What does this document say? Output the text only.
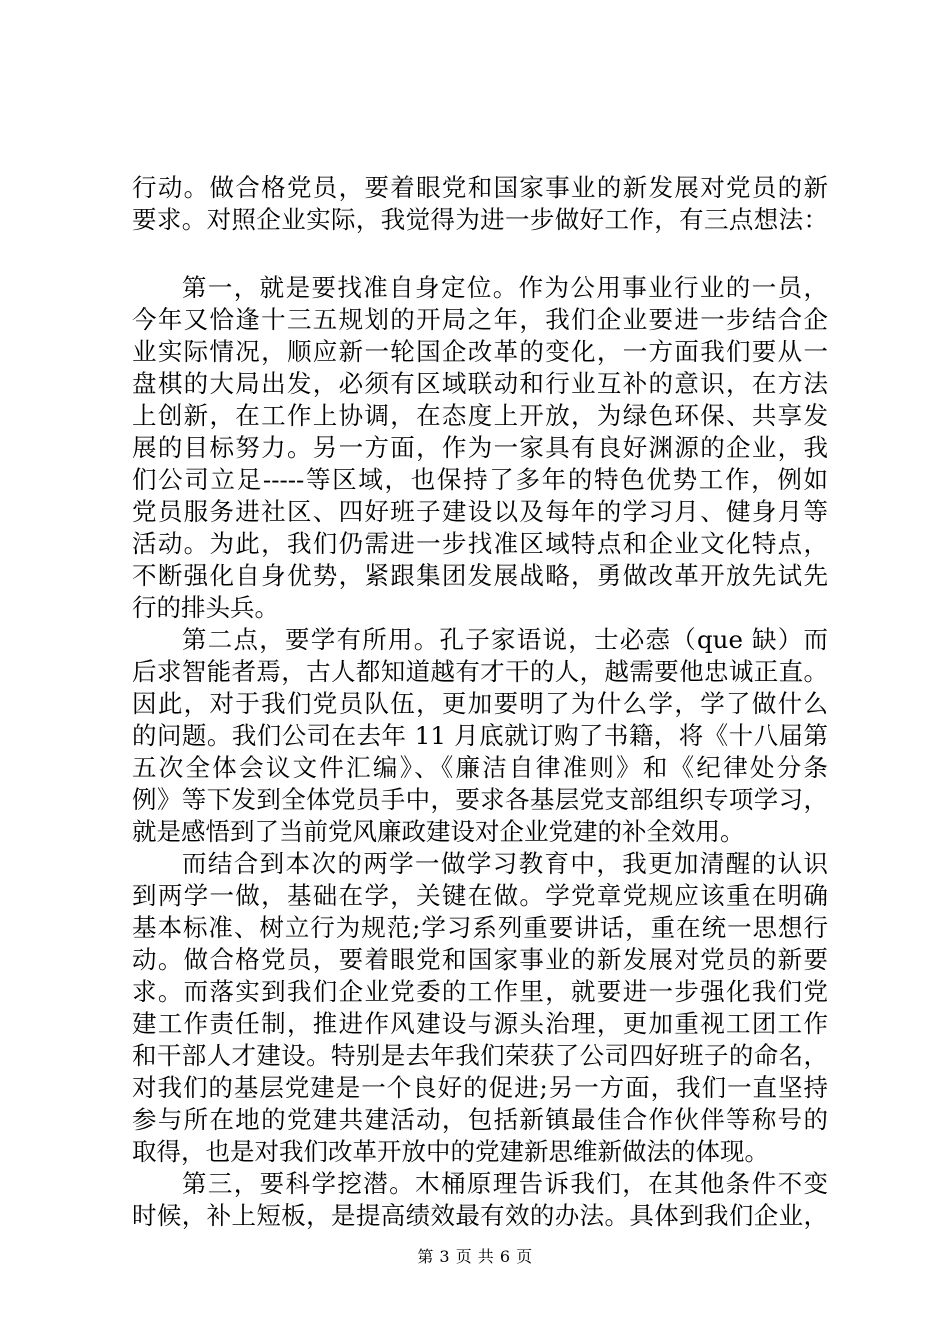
行动。做合格党员，要着眼党和国家事业的新发展对党员的新
要求。对照企业实际，我觉得为进一步做好工作，有三点想法：
第一，就是要找准自身定位。作为公用事业行业的一员，
今年又恰逢十三五规划的开局之年，我们企业要进一步结合企
业实际情况，顺应新一轮国企改革的变化，一方面我们要从一
盘棋的大局出发，必须有区域联动和行业互补的意识，在方法
上创新，在工作上协调，在态度上开放，为绿色环保、共享发
展的目标努力。另一方面，作为一家具有良好渊源的企业，我
们公司立足-----等区域，也保持了多年的特色优势工作，例如
党员服务进社区、四好班子建设以及每年的学习月、健身月等
活动。为此，我们仍需进一步找准区域特点和企业文化特点，
不断强化自身优势，紧跟集团发展战略，勇做改革开放先试先
行的排头兵。
第二点，要学有所用。孔子家语说，士必悫（que 缺）而
后求智能者焉，古人都知道越有才干的人，越需要他忠诚正直。
因此，对于我们党员队伍，更加要明了为什么学，学了做什么
的问题。我们公司在去年 11 月底就订购了书籍，将《十八届第
五次全体会议文件汇编》、《廉洁自律准则》和《纪律处分条
例》等下发到全体党员手中，要求各基层党支部组织专项学习，
就是感悟到了当前党风廉政建设对企业党建的补全效用。
而结合到本次的两学一做学习教育中，我更加清醒的认识
到两学一做，基础在学，关键在做。学党章党规应该重在明确
基本标准、树立行为规范;学习系列重要讲话，重在统一思想行
动。做合格党员，要着眼党和国家事业的新发展对党员的新要
求。而落实到我们企业党委的工作里，就要进一步强化我们党
建工作责任制，推进作风建设与源头治理，更加重视工团工作
和干部人才建设。特别是去年我们荣获了公司四好班子的命名，
对我们的基层党建是一个良好的促进;另一方面，我们一直坚持
参与所在地的党建共建活动，包括新镇最佳合作伙伴等称号的
取得，也是对我们改革开放中的党建新思维新做法的体现。
第三，要科学挖潜。木桶原理告诉我们，在其他条件不变
时候，补上短板，是提高绩效最有效的办法。具体到我们企业，
第 3 页 共 6 页
